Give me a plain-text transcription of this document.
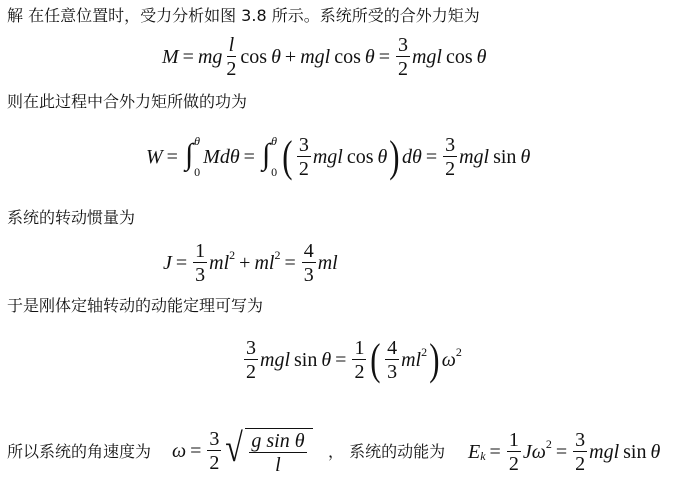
解 在任意位置时，受力分析如图 3.8 所示。系统所受的合外力矩为
M = mg $\frac{l}{2}$ cos θ + mgl $\cos \theta = \frac{3}{2}$ mgl cos θ
则在此过程中合外力矩所做的功为
W = ∫ θ
0
M d θ = ∫ θ
0 ( $\frac{3}{2}$ mgl cos θ ) d $\theta = \frac{3}{2}$ mgl sin θ
系统的转动惯量为
$J = \frac{1}{3} ml^2 + ml^2 = \frac{4}{3}$ ml
于是刚体定轴转动的动能定理可写为
$\frac{3}{2}$ mgl $\sin \theta = \frac{1}{2}$ ( $\frac{4}{3} ml^2$ ) $\omega^2$
所以系统的角速度为 $\omega = \frac{3}{2}$ √ $\frac{\text{g sin θ}}{l}$ ， 系统的动能为 $E_k = \frac{1}{2}$ J $\omega^2 = \frac{3}{2}$ mgl sin θ
